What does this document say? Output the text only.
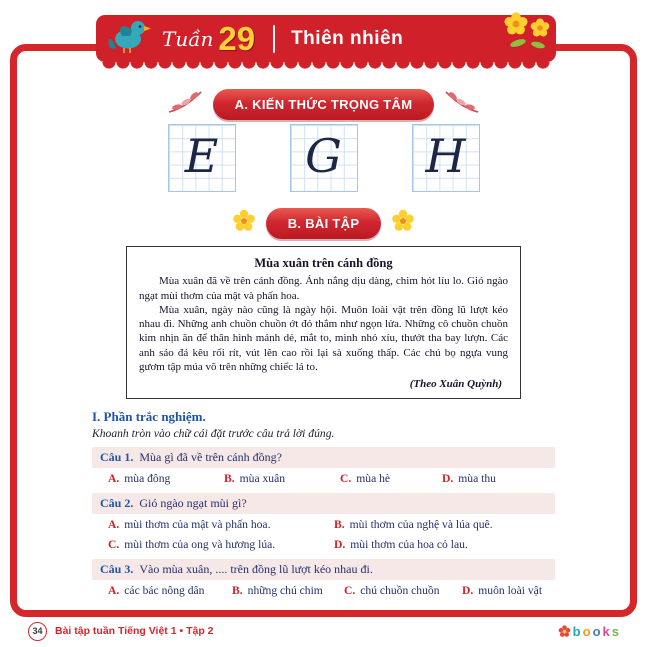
Tuần 29 Thiên nhiên
A. KIẾN THỨC TRỌNG TÂM
E G H
B. BÀI TẬP
Mùa xuân trên cánh đồng

Mùa xuân đã về trên cánh đồng. Ánh nắng dịu dàng, chim hót líu lo. Gió ngào ngạt mùi thơm của mật và phấn hoa.

Mùa xuân, ngày nào cũng là ngày hội. Muôn loài vật trên đồng lũ lượt kéo nhau đi. Những anh chuồn chuồn ớt đỏ thắm như ngọn lửa. Những cô chuồn chuồn kim nhịn ăn để thân hình mảnh dẻ, mắt to, mình nhỏ xíu, thướt tha bay lượn. Các anh sáo đá kêu rối rít, vút lên cao rồi lại sà xuống thấp. Các chú bọ ngựa vung gươm tập múa võ trên những chiếc lá to.

(Theo Xuân Quỳnh)
I. Phần trắc nghiệm.
Khoanh tròn vào chữ cái đặt trước câu trả lời đúng.
Câu 1. Mùa gì đã về trên cánh đồng?
A. mùa đông	B. mùa xuân	C. mùa hè	D. mùa thu
Câu 2. Gió ngào ngạt mùi gì?
A. mùi thơm của mật và phấn hoa.	B. mùi thơm của nghệ và lúa quê.
C. mùi thơm của ong và hương lúa.	D. mùi thơm của hoa cỏ lau.
Câu 3. Vào mùa xuân, .... trên đồng lũ lượt kéo nhau đi.
A. các bác nông dân	B. những chú chim	C. chú chuồn chuồn	D. muôn loài vật
34	Bài tập tuần Tiếng Việt 1 • Tập 2	b o o k s
